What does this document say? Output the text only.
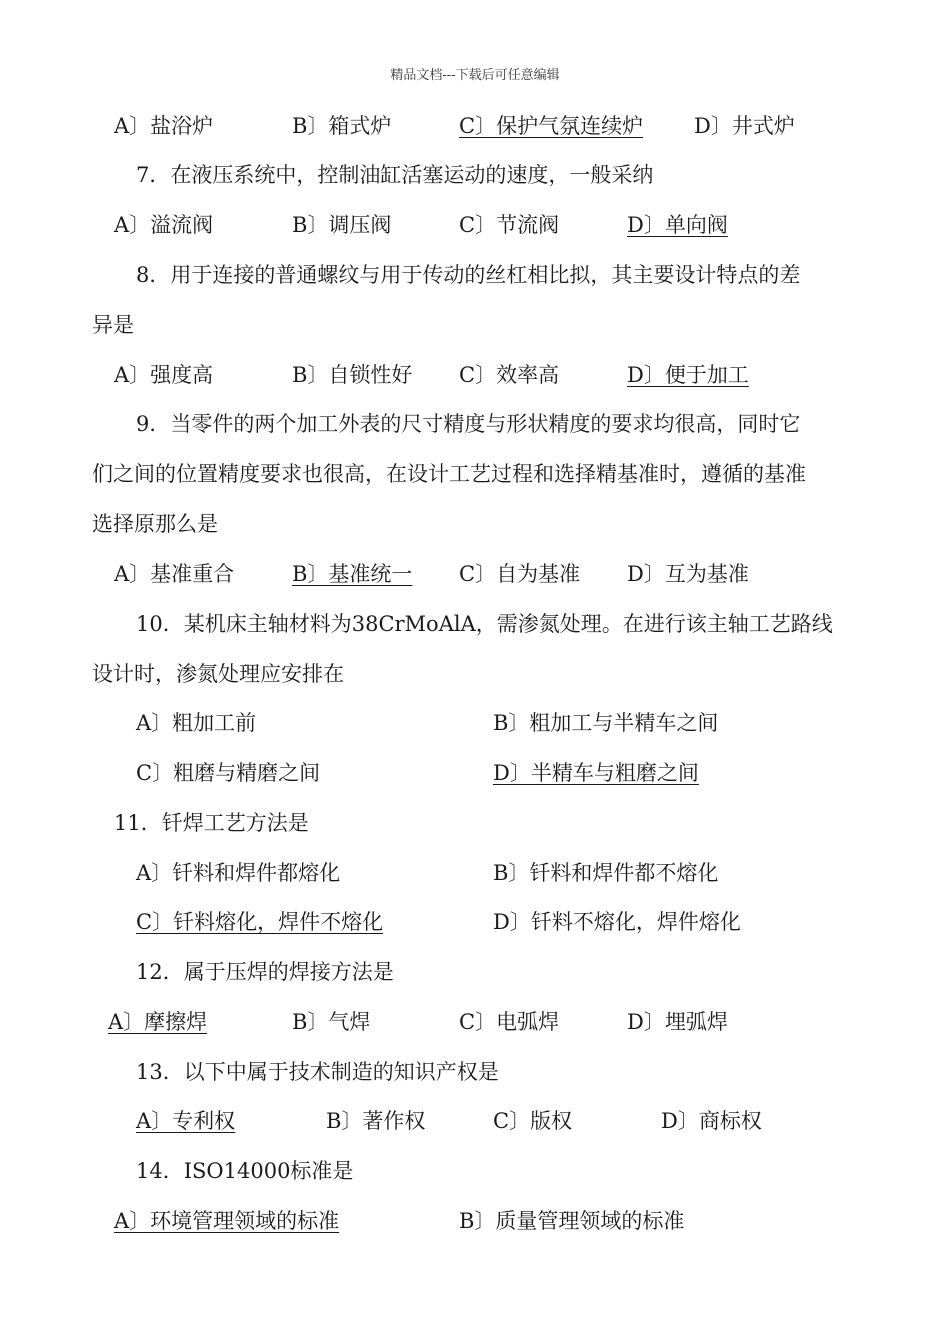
精品文档---下载后可任意编辑
A〕盐浴炉	B〕箱式炉	C〕保护气氛连续炉 D〕井式炉
7．在液压系统中，控制油缸活塞运动的速度，一般采纳
A〕溢流阀	B〕调压阀	C〕节流阀	D〕单向阀
8．用于连接的普通螺纹与用于传动的丝杠相比拟，其主要设计特点的差
异是
A〕强度高	B〕自锁性好 C〕效率高	D〕便于加工
9．当零件的两个加工外表的尺寸精度与形状精度的要求均很高，同时它
们之间的位置精度要求也很高，在设计工艺过程和选择精基准时，遵循的基准
选择原那么是
A〕基准重合	B〕基准统一 C〕自为基准 D〕互为基准
10．某机床主轴材料为38CrMoAlA，需渗氮处理。在进行该主轴工艺路线
设计时，渗氮处理应安排在
A〕粗加工前	B〕粗加工与半精车之间
C〕粗磨与精磨之间	D〕半精车与粗磨之间
11．钎焊工艺方法是
A〕钎料和焊件都熔化	B〕钎料和焊件都不熔化
C〕钎料熔化，焊件不熔化	D〕钎料不熔化，焊件熔化
12．属于压焊的焊接方法是
A〕摩擦焊	B〕气焊	C〕电弧焊	D〕埋弧焊
13．以下中属于技术制造的知识产权是
A〕专利权	B〕著作权	C〕版权	D〕商标权
14．ISO14000标准是
A〕环境管理领域的标准	B〕质量管理领域的标准
